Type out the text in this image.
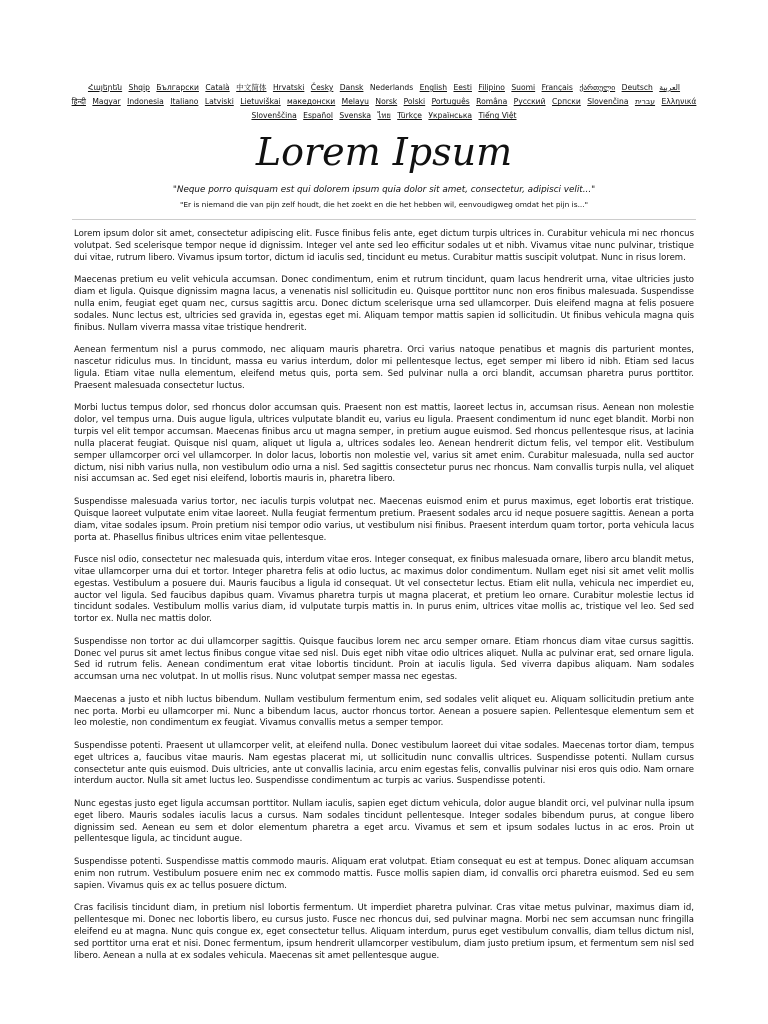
Հայերեն Shqip	‫العربية Български Català 中文简体 Hrvatski Česky Dansk Nederlands English Eesti Filipino Suomi Français ქართული Deutsch Ελληνικά ‫עברית हिन्दी Magyar Indonesia Italiano Latviski Lietuviškai македонски Melayu Norsk Polski Português Româna Pyccкий Српски Slovenčina Slovenščina Español Svenska ไทย Türkçe Українська Tiếng Việt
Lorem Ipsum
"Neque porro quisquam est qui dolorem ipsum quia dolor sit amet, consectetur, adipisci velit..."
"Er is niemand die van pijn zelf houdt, die het zoekt en die het hebben wil, eenvoudigweg omdat het pijn is..."

Lorem ipsum dolor sit amet, consectetur adipiscing elit. Fusce finibus felis ante, eget dictum turpis ultrices in. Curabitur vehicula mi nec rhoncus volutpat. Sed scelerisque tempor neque id dignissim. Integer vel ante sed leo efficitur sodales ut et nibh. Vivamus vitae nunc pulvinar, tristique dui vitae, rutrum libero. Vivamus ipsum tortor, dictum id iaculis sed, tincidunt eu metus. Curabitur mattis suscipit volutpat. Nunc in risus lorem.

Maecenas pretium eu velit vehicula accumsan. Donec condimentum, enim et rutrum tincidunt, quam lacus hendrerit urna, vitae ultricies justo diam et ligula. Quisque dignissim magna lacus, a venenatis nisl sollicitudin eu. Quisque porttitor nunc non eros finibus malesuada. Suspendisse nulla enim, feugiat eget quam nec, cursus sagittis arcu. Donec dictum scelerisque urna sed ullamcorper. Duis eleifend magna at felis posuere sodales. Nunc lectus est, ultricies sed gravida in, egestas eget mi. Aliquam tempor mattis sapien id sollicitudin. Ut finibus vehicula magna quis finibus. Nullam viverra massa vitae tristique hendrerit.

Aenean fermentum nisl a purus commodo, nec aliquam mauris pharetra. Orci varius natoque penatibus et magnis dis parturient montes, nascetur ridiculus mus. In tincidunt, massa eu varius interdum, dolor mi pellentesque lectus, eget semper mi libero id nibh. Etiam sed lacus ligula. Etiam vitae nulla elementum, eleifend metus quis, porta sem. Sed pulvinar nulla a orci blandit, accumsan pharetra purus porttitor. Praesent malesuada consectetur luctus.

Morbi luctus tempus dolor, sed rhoncus dolor accumsan quis. Praesent non est mattis, laoreet lectus in, accumsan risus. Aenean non molestie dolor, vel tempus urna. Duis augue ligula, ultrices vulputate blandit eu, varius eu ligula. Praesent condimentum id nunc eget blandit. Morbi non turpis vel elit tempor accumsan. Maecenas finibus arcu ut magna semper, in pretium augue euismod. Sed rhoncus pellentesque risus, at lacinia nulla placerat feugiat. Quisque nisl quam, aliquet ut ligula a, ultrices sodales leo. Aenean hendrerit dictum felis, vel tempor elit. Vestibulum semper ullamcorper orci vel ullamcorper. In dolor lacus, lobortis non molestie vel, varius sit amet enim. Curabitur malesuada, nulla sed auctor dictum, nisi nibh varius nulla, non vestibulum odio urna a nisl. Sed sagittis consectetur purus nec rhoncus. Nam convallis turpis nulla, vel aliquet nisi accumsan ac. Sed eget nisi eleifend, lobortis mauris in, pharetra libero.

Suspendisse malesuada varius tortor, nec iaculis turpis volutpat nec. Maecenas euismod enim et purus maximus, eget lobortis erat tristique. Quisque laoreet vulputate enim vitae laoreet. Nulla feugiat fermentum pretium. Praesent sodales arcu id neque posuere sagittis. Aenean a porta diam, vitae sodales ipsum. Proin pretium nisi tempor odio varius, ut vestibulum nisi finibus. Praesent interdum quam tortor, porta vehicula lacus porta at. Phasellus finibus ultrices enim vitae pellentesque.

Fusce nisl odio, consectetur nec malesuada quis, interdum vitae eros. Integer consequat, ex finibus malesuada ornare, libero arcu blandit metus, vitae ullamcorper urna dui et tortor. Integer pharetra felis at odio luctus, ac maximus dolor condimentum. Nullam eget nisi sit amet velit mollis egestas. Vestibulum a posuere dui. Mauris faucibus a ligula id consequat. Ut vel consectetur lectus. Etiam elit nulla, vehicula nec imperdiet eu, auctor vel ligula. Sed faucibus dapibus quam. Vivamus pharetra turpis ut magna placerat, et pretium leo ornare. Curabitur molestie lectus id tincidunt sodales. Vestibulum mollis varius diam, id vulputate turpis mattis in. In purus enim, ultrices vitae mollis ac, tristique vel leo. Sed sed tortor ex. Nulla nec mattis dolor.

Suspendisse non tortor ac dui ullamcorper sagittis. Quisque faucibus lorem nec arcu semper ornare. Etiam rhoncus diam vitae cursus sagittis. Donec vel purus sit amet lectus finibus congue vitae sed nisl. Duis eget nibh vitae odio ultrices aliquet. Nulla ac pulvinar erat, sed ornare ligula. Sed id rutrum felis. Aenean condimentum erat vitae lobortis tincidunt. Proin at iaculis ligula. Sed viverra dapibus aliquam. Nam sodales accumsan urna nec volutpat. In ut mollis risus. Nunc volutpat semper massa nec egestas.

Maecenas a justo et nibh luctus bibendum. Nullam vestibulum fermentum enim, sed sodales velit aliquet eu. Aliquam sollicitudin pretium ante nec porta. Morbi eu ullamcorper mi. Nunc a bibendum lacus, auctor rhoncus tortor. Aenean a posuere sapien. Pellentesque elementum sem et leo molestie, non condimentum ex feugiat. Vivamus convallis metus a semper tempor.

Suspendisse potenti. Praesent ut ullamcorper velit, at eleifend nulla. Donec vestibulum laoreet dui vitae sodales. Maecenas tortor diam, tempus eget ultrices a, faucibus vitae mauris. Nam egestas placerat mi, ut sollicitudin nunc convallis ultrices. Suspendisse potenti. Nullam cursus consectetur ante quis euismod. Duis ultricies, ante ut convallis lacinia, arcu enim egestas felis, convallis pulvinar nisi eros quis odio. Nam ornare interdum auctor. Nulla sit amet luctus leo. Suspendisse condimentum ac turpis ac varius. Suspendisse potenti.

Nunc egestas justo eget ligula accumsan porttitor. Nullam iaculis, sapien eget dictum vehicula, dolor augue blandit orci, vel pulvinar nulla ipsum eget libero. Mauris sodales iaculis lacus a cursus. Nam sodales tincidunt pellentesque. Integer sodales bibendum purus, at congue libero dignissim sed. Aenean eu sem et dolor elementum pharetra a eget arcu. Vivamus et sem et ipsum sodales luctus in ac eros. Proin ut pellentesque ligula, ac tincidunt augue.

Suspendisse potenti. Suspendisse mattis commodo mauris. Aliquam erat volutpat. Etiam consequat eu est at tempus. Donec aliquam accumsan enim non rutrum. Vestibulum posuere enim nec ex commodo mattis. Fusce mollis sapien diam, id convallis orci pharetra euismod. Sed eu sem sapien. Vivamus quis ex ac tellus posuere dictum.

Cras facilisis tincidunt diam, in pretium nisl lobortis fermentum. Ut imperdiet pharetra pulvinar. Cras vitae metus pulvinar, maximus diam id, pellentesque mi. Donec nec lobortis libero, eu cursus justo. Fusce nec rhoncus dui, sed pulvinar magna. Morbi nec sem accumsan nunc fringilla eleifend eu at magna. Nunc quis congue ex, eget consectetur tellus. Aliquam interdum, purus eget vestibulum convallis, diam tellus dictum nisl, sed porttitor urna erat et nisi. Donec fermentum, ipsum hendrerit ullamcorper vestibulum, diam justo pretium ipsum, et fermentum sem nisl sed libero. Aenean a nulla at ex sodales vehicula. Maecenas sit amet pellentesque augue.
